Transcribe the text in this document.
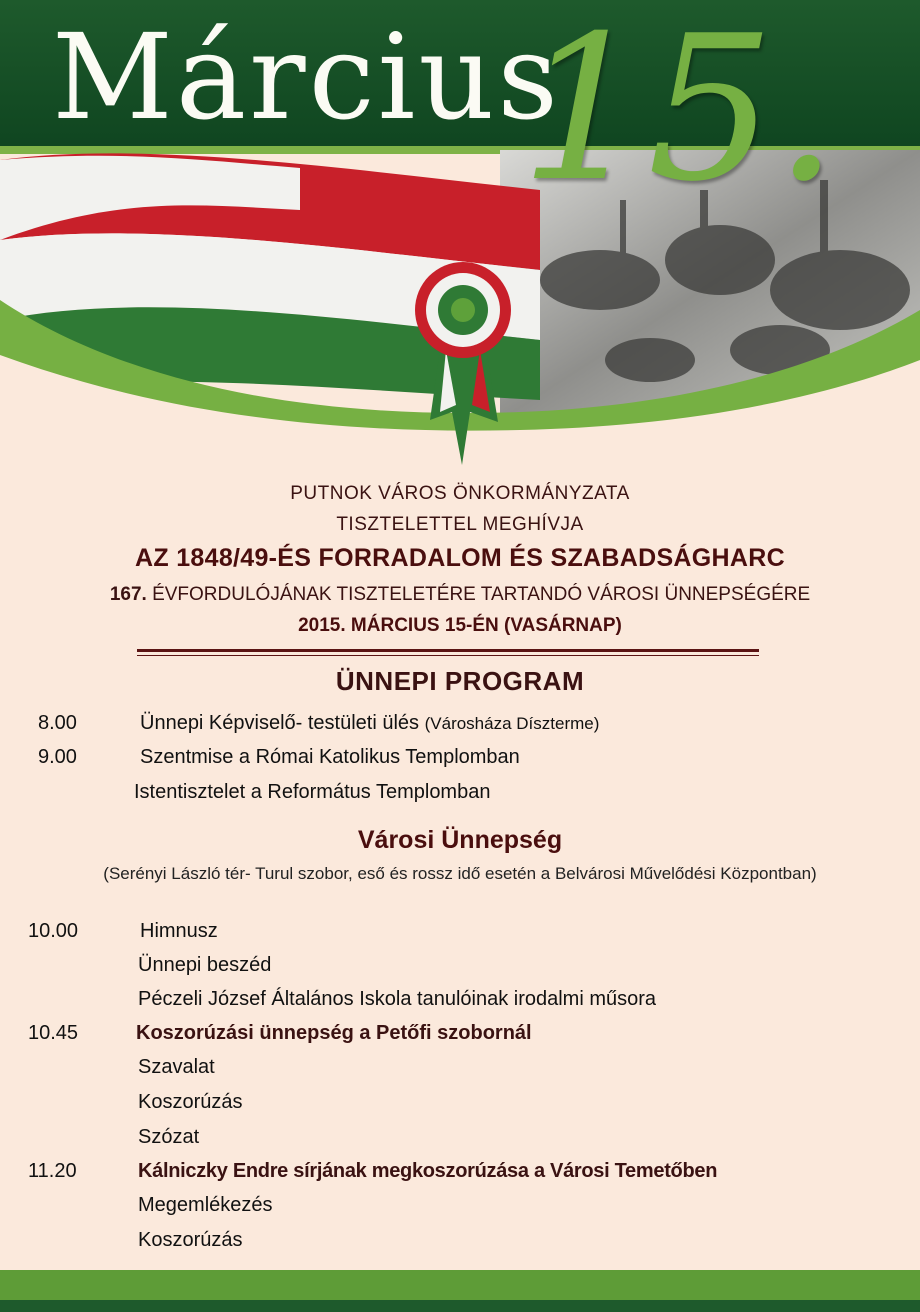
Március
15.
PUTNOK VÁROS ÖNKORMÁNYZATA
TISZTELETTEL MEGHÍVJA
AZ 1848/49-ÉS FORRADALOM ÉS SZABADSÁGHARC
167. ÉVFORDULÓJÁNAK TISZTELETÉRE TARTANDÓ VÁROSI ÜNNEPSÉGÉRE
2015. MÁRCIUS 15-ÉN (VASÁRNAP)
ÜNNEPI PROGRAM
8.00	Ünnepi Képviselő- testületi ülés (Városháza Díszterme)
9.00	Szentmise a Római Katolikus Templomban
Istentisztelet a Református Templomban
Városi Ünnepség
(Serényi László tér- Turul szobor, eső és rossz idő esetén a Belvárosi Művelődési Központban)
10.00	Himnusz
Ünnepi beszéd
Péczeli József Általános Iskola tanulóinak irodalmi műsora
10.45	Koszorúzási ünnepség a Petőfi szobornál
Szavalat
Koszorúzás
Szózat
11.20	Kálniczky Endre sírjának megkoszorúzása a Városi Temetőben
Megemlékezés
Koszorúzás
